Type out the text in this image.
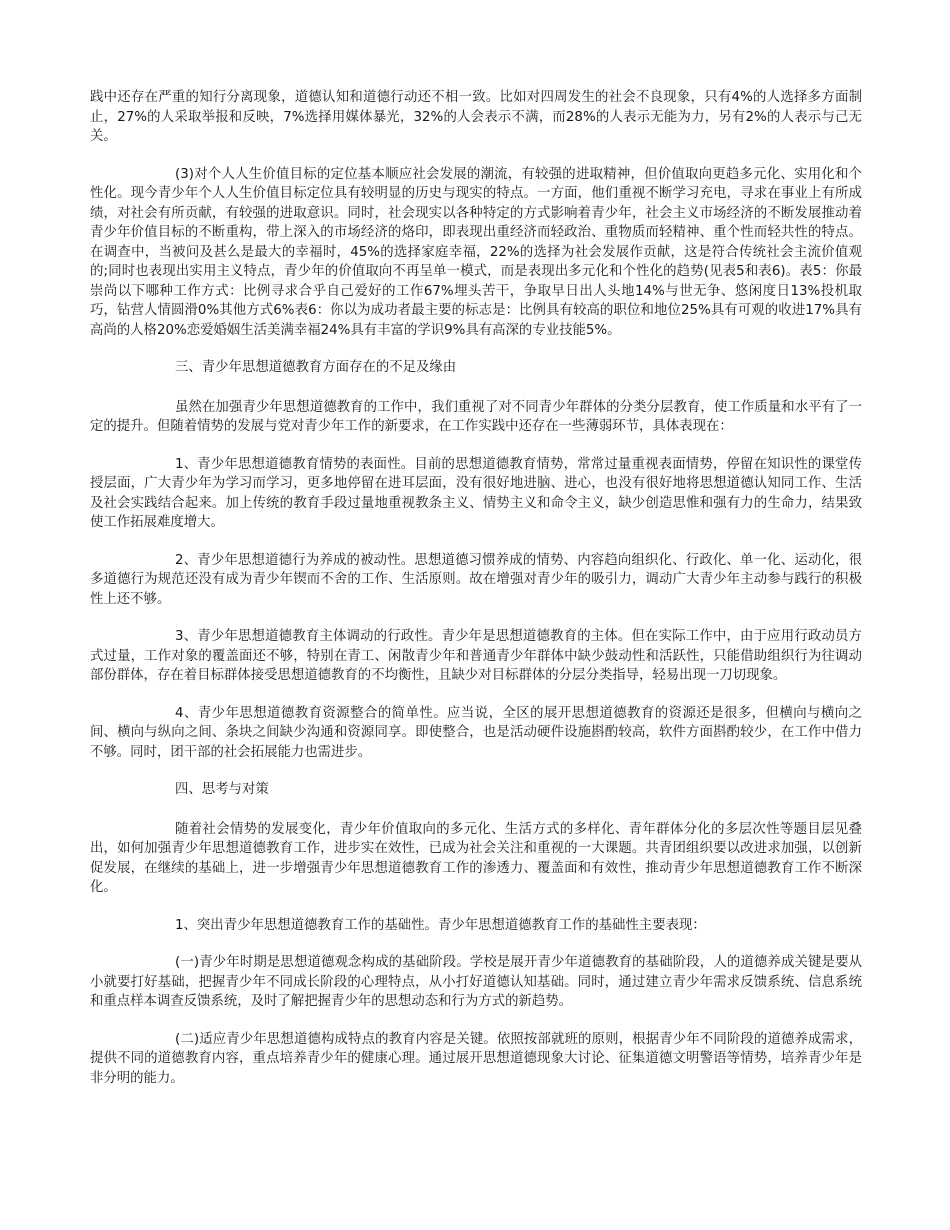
践中还存在严重的知行分离现象，道德认知和道德行动还不相一致。比如对四周发生的社会不良现象，只有4%的人选择多方面制止，27%的人采取举报和反映，7%选择用媒体暴光，32%的人会表示不满，而28%的人表示无能为力，另有2%的人表示与己无关。

(3)对个人人生价值目标的定位基本顺应社会发展的潮流，有较强的进取精神，但价值取向更趋多元化、实用化和个性化。现今青少年个人人生价值目标定位具有较明显的历史与现实的特点。一方面，他们重视不断学习充电，寻求在事业上有所成绩，对社会有所贡献，有较强的进取意识。同时，社会现实以各种特定的方式影响着青少年，社会主义市场经济的不断发展推动着青少年价值目标的不断重构，带上深入的市场经济的烙印，即表现出重经济而轻政治、重物质而轻精神、重个性而轻共性的特点。在调查中，当被问及甚么是最大的幸福时，45%的选择家庭幸福，22%的选择为社会发展作贡献，这是符合传统社会主流价值观的;同时也表现出实用主义特点，青少年的价值取向不再呈单一模式，而是表现出多元化和个性化的趋势(见表5和表6)。表5：你最崇尚以下哪种工作方式：比例寻求合乎自己爱好的工作67%埋头苦干，争取早日出人头地14%与世无争、悠闲度日13%投机取巧，钻营人情圆滑0%其他方式6%表6：你以为成功者最主要的标志是：比例具有较高的职位和地位25%具有可观的收进17%具有高尚的人格20%恋爱婚姻生活美满幸福24%具有丰富的学识9%具有高深的专业技能5%。

三、青少年思想道德教育方面存在的不足及缘由

虽然在加强青少年思想道德教育的工作中，我们重视了对不同青少年群体的分类分层教育，使工作质量和水平有了一定的提升。但随着情势的发展与党对青少年工作的新要求，在工作实践中还存在一些薄弱环节，具体表现在：

1、青少年思想道德教育情势的表面性。目前的思想道德教育情势，常常过量重视表面情势，停留在知识性的课堂传授层面，广大青少年为学习而学习，更多地停留在进耳层面，没有很好地进脑、进心，也没有很好地将思想道德认知同工作、生活及社会实践结合起来。加上传统的教育手段过量地重视教条主义、情势主义和命令主义，缺少创造思惟和强有力的生命力，结果致使工作拓展难度增大。

2、青少年思想道德行为养成的被动性。思想道德习惯养成的情势、内容趋向组织化、行政化、单一化、运动化，很多道德行为规范还没有成为青少年锲而不舍的工作、生活原则。故在增强对青少年的吸引力，调动广大青少年主动参与践行的积极性上还不够。

3、青少年思想道德教育主体调动的行政性。青少年是思想道德教育的主体。但在实际工作中，由于应用行政动员方式过量，工作对象的覆盖面还不够，特别在青工、闲散青少年和普通青少年群体中缺少鼓动性和活跃性，只能借助组织行为往调动部份群体，存在着目标群体接受思想道德教育的不均衡性，且缺少对目标群体的分层分类指导，轻易出现一刀切现象。

4、青少年思想道德教育资源整合的简单性。应当说，全区的展开思想道德教育的资源还是很多，但横向与横向之间、横向与纵向之间、条块之间缺少沟通和资源同享。即使整合，也是活动硬件设施斟酌较高，软件方面斟酌较少，在工作中借力不够。同时，团干部的社会拓展能力也需进步。

四、思考与对策

随着社会情势的发展变化，青少年价值取向的多元化、生活方式的多样化、青年群体分化的多层次性等题目层见叠出，如何加强青少年思想道德教育工作，进步实在效性，已成为社会关注和重视的一大课题。共青团组织要以改进求加强，以创新促发展，在继续的基础上，进一步增强青少年思想道德教育工作的渗透力、覆盖面和有效性，推动青少年思想道德教育工作不断深化。

1、突出青少年思想道德教育工作的基础性。青少年思想道德教育工作的基础性主要表现：

(一)青少年时期是思想道德观念构成的基础阶段。学校是展开青少年道德教育的基础阶段，人的道德养成关键是要从小就要打好基础，把握青少年不同成长阶段的心理特点，从小打好道德认知基础。同时，通过建立青少年需求反馈系统、信息系统和重点样本调查反馈系统，及时了解把握青少年的思想动态和行为方式的新趋势。

(二)适应青少年思想道德构成特点的教育内容是关键。依照按部就班的原则，根据青少年不同阶段的道德养成需求，提供不同的道德教育内容，重点培养青少年的健康心理。通过展开思想道德现象大讨论、征集道德文明警语等情势，培养青少年是非分明的能力。
